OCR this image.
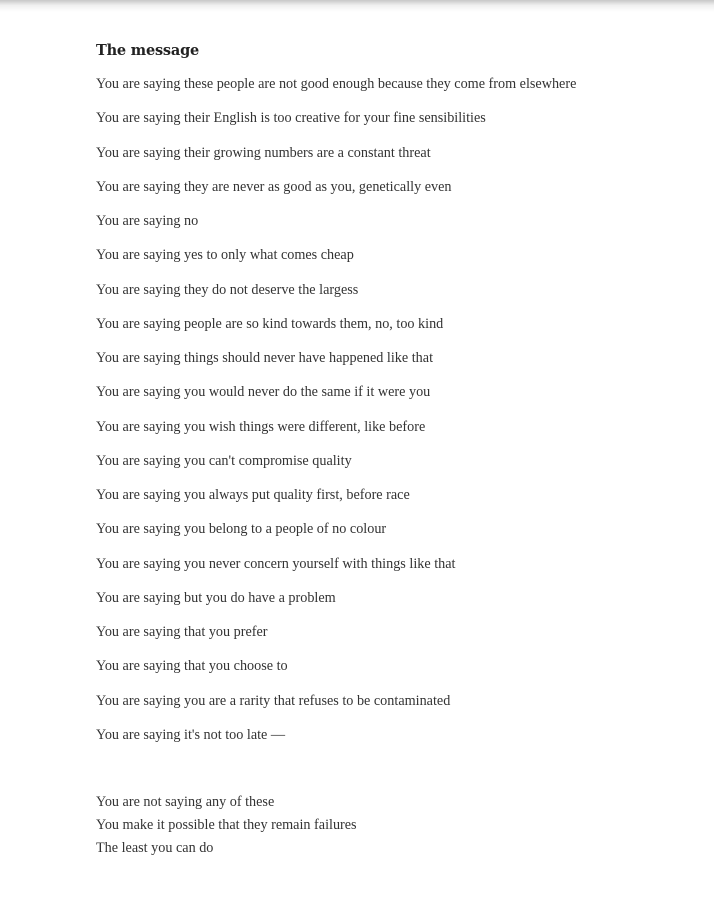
The message
You are saying these people are not good enough because they come from elsewhere
You are saying their English is too creative for your fine sensibilities
You are saying their growing numbers are a constant threat
You are saying they are never as good as you, genetically even
You are saying no
You are saying yes to only what comes cheap
You are saying they do not deserve the largess
You are saying people are so kind towards them, no, too kind
You are saying things should never have happened like that
You are saying you would never do the same if it were you
You are saying you wish things were different, like before
You are saying you can't compromise quality
You are saying you always put quality first, before race
You are saying you belong to a people of no colour
You are saying you never concern yourself with things like that
You are saying but you do have a problem
You are saying that you prefer
You are saying that you choose to
You are saying you are a rarity that refuses to be contaminated
You are saying it's not too late —
You are not saying any of these
You make it possible that they remain failures
The least you can do
